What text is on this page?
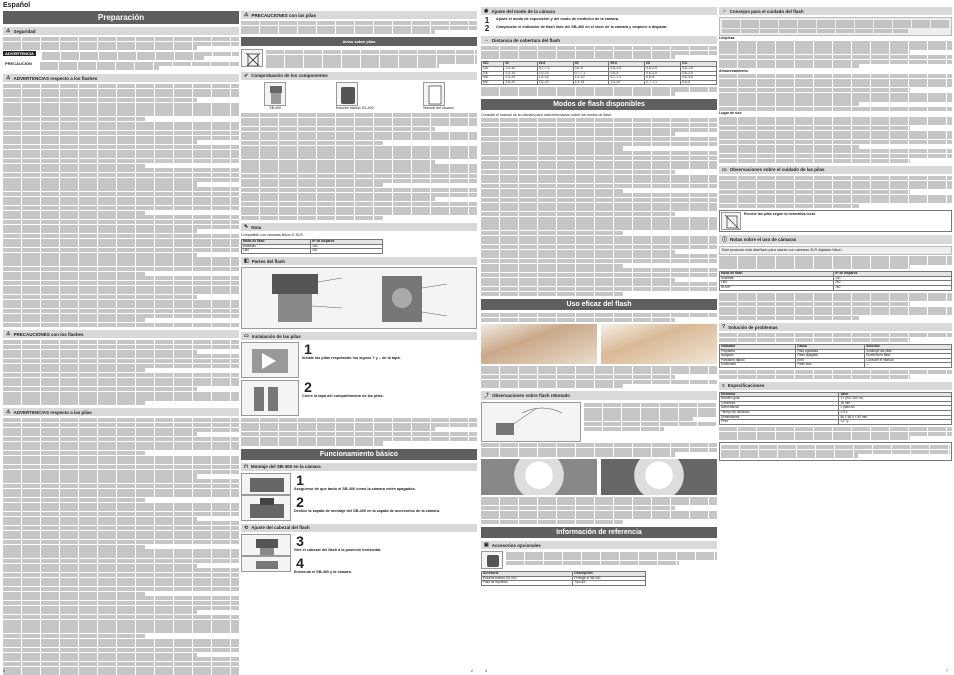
Español
Preparación
⚠ Seguridad
ADVERTENCIA
PRECAUCIÓN
⚠ ADVERTENCIAS respecto a los flashes
⚠ PRECAUCIONES con los flashes
⚠ ADVERTENCIAS respecto a las pilas
ii
⚠ PRECAUCIONES con las pilas
Aviso sobre pilas
✔ Comprobación de los componentes
SB-400	Estuche blando SS-400	Manual del usuario
✎ Nota
Compatible con cámaras Nikon D-SLR.
Modo de flash	Nº de disparos
Alcalinas	140
Litio	250
◧ Partes del flash
▭ Instalación de las pilas
1
Instale las pilas respetando los signos + y – de la tapa.
2
Cierre la tapa del compartimento de las pilas.
Funcionamiento básico
⊓ Montaje del SB-400 en la cámara
1
Asegúrese de que tanto el SB-400 como la cámara estén apagados.
2
Deslice la zapata de montaje del SB-400 en la zapata de accesorios de la cámara.
⟲ Ajuste del cabezal del flash
3
Gire el cabezal del flash a la posición horizontal.
4
Encienda el SB-400 y la cámara.
2
◉ Ajuste del modo de la cámara
1	Ajuste el modo de exposición y del modo de medición de la cámara.
2	Compruebe el indicador de flash listo del SB-400 en el visor de la cámara y empiece a disparar.
↔ Distancia de cobertura del flash
ISO	f/2	f/2.8	f/4	f/5.6	f/8	f/11
100	1,0–10	0,7–7,1	0,6–5	0,6–3,5	0,6–2,5	0,6–1,8
200	1,4–14	1,0–10	0,7–7,1	0,6–5	0,6–3,5	0,6–2,5
400	2,0–20	1,4–14	1,0–10	0,7–7,1	0,6–5	0,6–3,5
800	2,8–20	2,0–20	1,4–14	1,0–10	0,7–7,1	0,6–5
Modos de flash disponibles
Consulte el manual de su cámara para más información sobre los modos de flash.
Uso eficaz del flash
⤴ Observaciones sobre flash rebotado
Información de referencia
▣ Accesorios opcionales
Accesorio	Descripción
Estuche blando SS-400	Protege el SB-400
Pilas de repuesto	Tipo AA
4
☼ Consejos para el cuidado del flash
Limpieza
Almacenamiento
Lugar de uso
▭ Observaciones sobre el cuidado de las pilas
Recicle las pilas según la normativa local.
ⓘ Notas sobre el uso de cámaras
Este producto está diseñado para usarse con cámaras SLR digitales Nikon.
Modo de flash	Nº de disparos
Alcalinas	140
Litio	250
Ni-MH	160
? Solución de problemas
Indicador	Causa	Solución
Parpadea	Pilas agotadas	Sustituya las pilas
Apagado	Flash apagado	Encienda el flash
Parpadea rápido	Error	Consulte el manual
Encendido	Flash listo	—
≡ Especificaciones
Elemento	Valor
Número guía	21 (ISO 100, m)
Cobertura	18 mm
Alimentación	2 pilas AA
Tiempo de reciclado	2,5 s
Dimensiones	66 × 56,5 × 80 mm
Peso	127 g
7
